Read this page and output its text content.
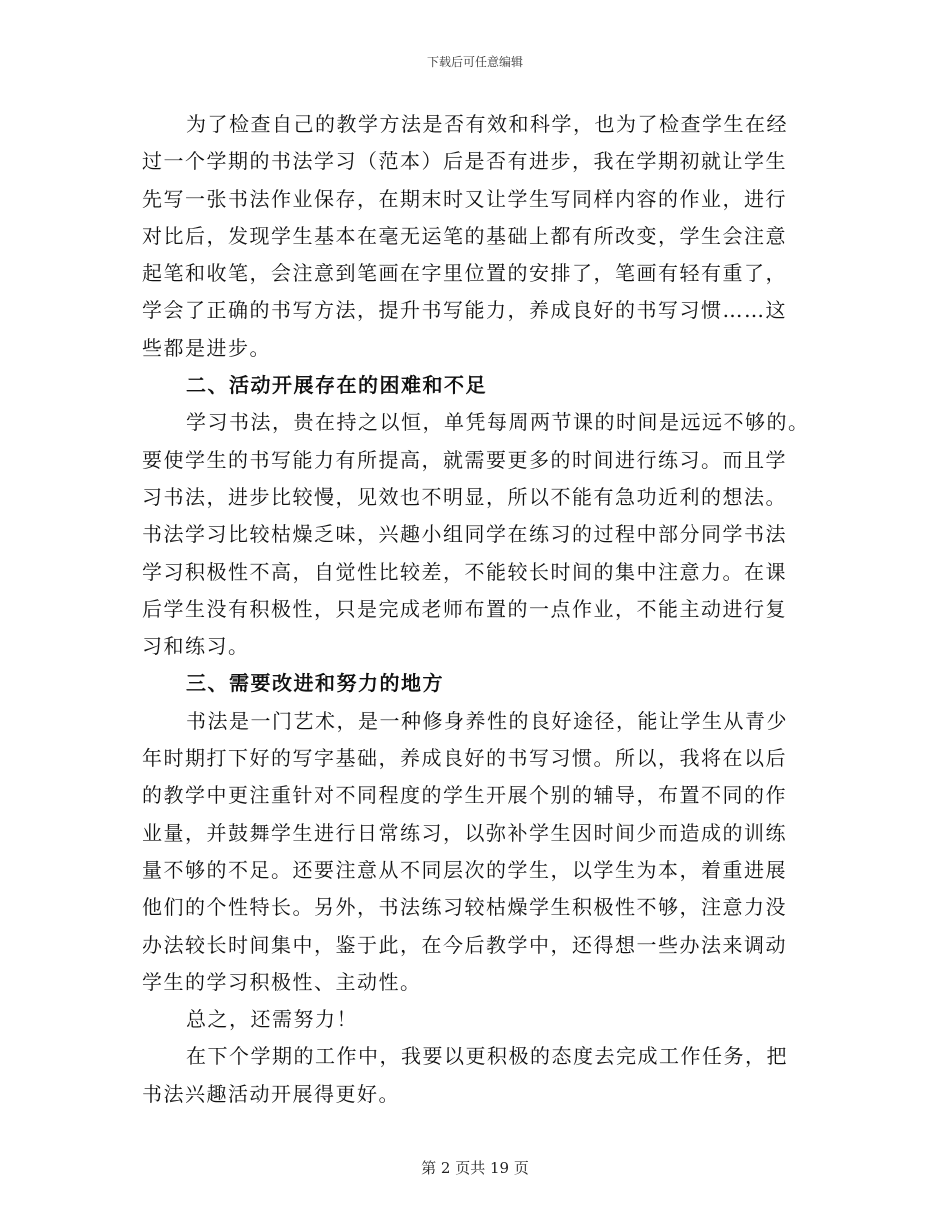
下载后可任意编辑
为了检查自己的教学方法是否有效和科学，也为了检查学生在经
过一个学期的书法学习（范本）后是否有进步，我在学期初就让学生
先写一张书法作业保存，在期末时又让学生写同样内容的作业，进行
对比后，发现学生基本在毫无运笔的基础上都有所改变，学生会注意
起笔和收笔，会注意到笔画在字里位置的安排了，笔画有轻有重了，
学会了正确的书写方法，提升书写能力，养成良好的书写习惯……这
些都是进步。
二、活动开展存在的困难和不足
学习书法，贵在持之以恒，单凭每周两节课的时间是远远不够的。
要使学生的书写能力有所提高，就需要更多的时间进行练习。而且学
习书法，进步比较慢，见效也不明显，所以不能有急功近利的想法。
书法学习比较枯燥乏味，兴趣小组同学在练习的过程中部分同学书法
学习积极性不高，自觉性比较差，不能较长时间的集中注意力。在课
后学生没有积极性，只是完成老师布置的一点作业，不能主动进行复
习和练习。
三、需要改进和努力的地方
书法是一门艺术，是一种修身养性的良好途径，能让学生从青少
年时期打下好的写字基础，养成良好的书写习惯。所以，我将在以后
的教学中更注重针对不同程度的学生开展个别的辅导，布置不同的作
业量，并鼓舞学生进行日常练习，以弥补学生因时间少而造成的训练
量不够的不足。还要注意从不同层次的学生，以学生为本，着重进展
他们的个性特长。另外，书法练习较枯燥学生积极性不够，注意力没
办法较长时间集中，鉴于此，在今后教学中，还得想一些办法来调动
学生的学习积极性、主动性。
总之，还需努力！
在下个学期的工作中，我要以更积极的态度去完成工作任务，把
书法兴趣活动开展得更好。
第 2 页共 19 页
